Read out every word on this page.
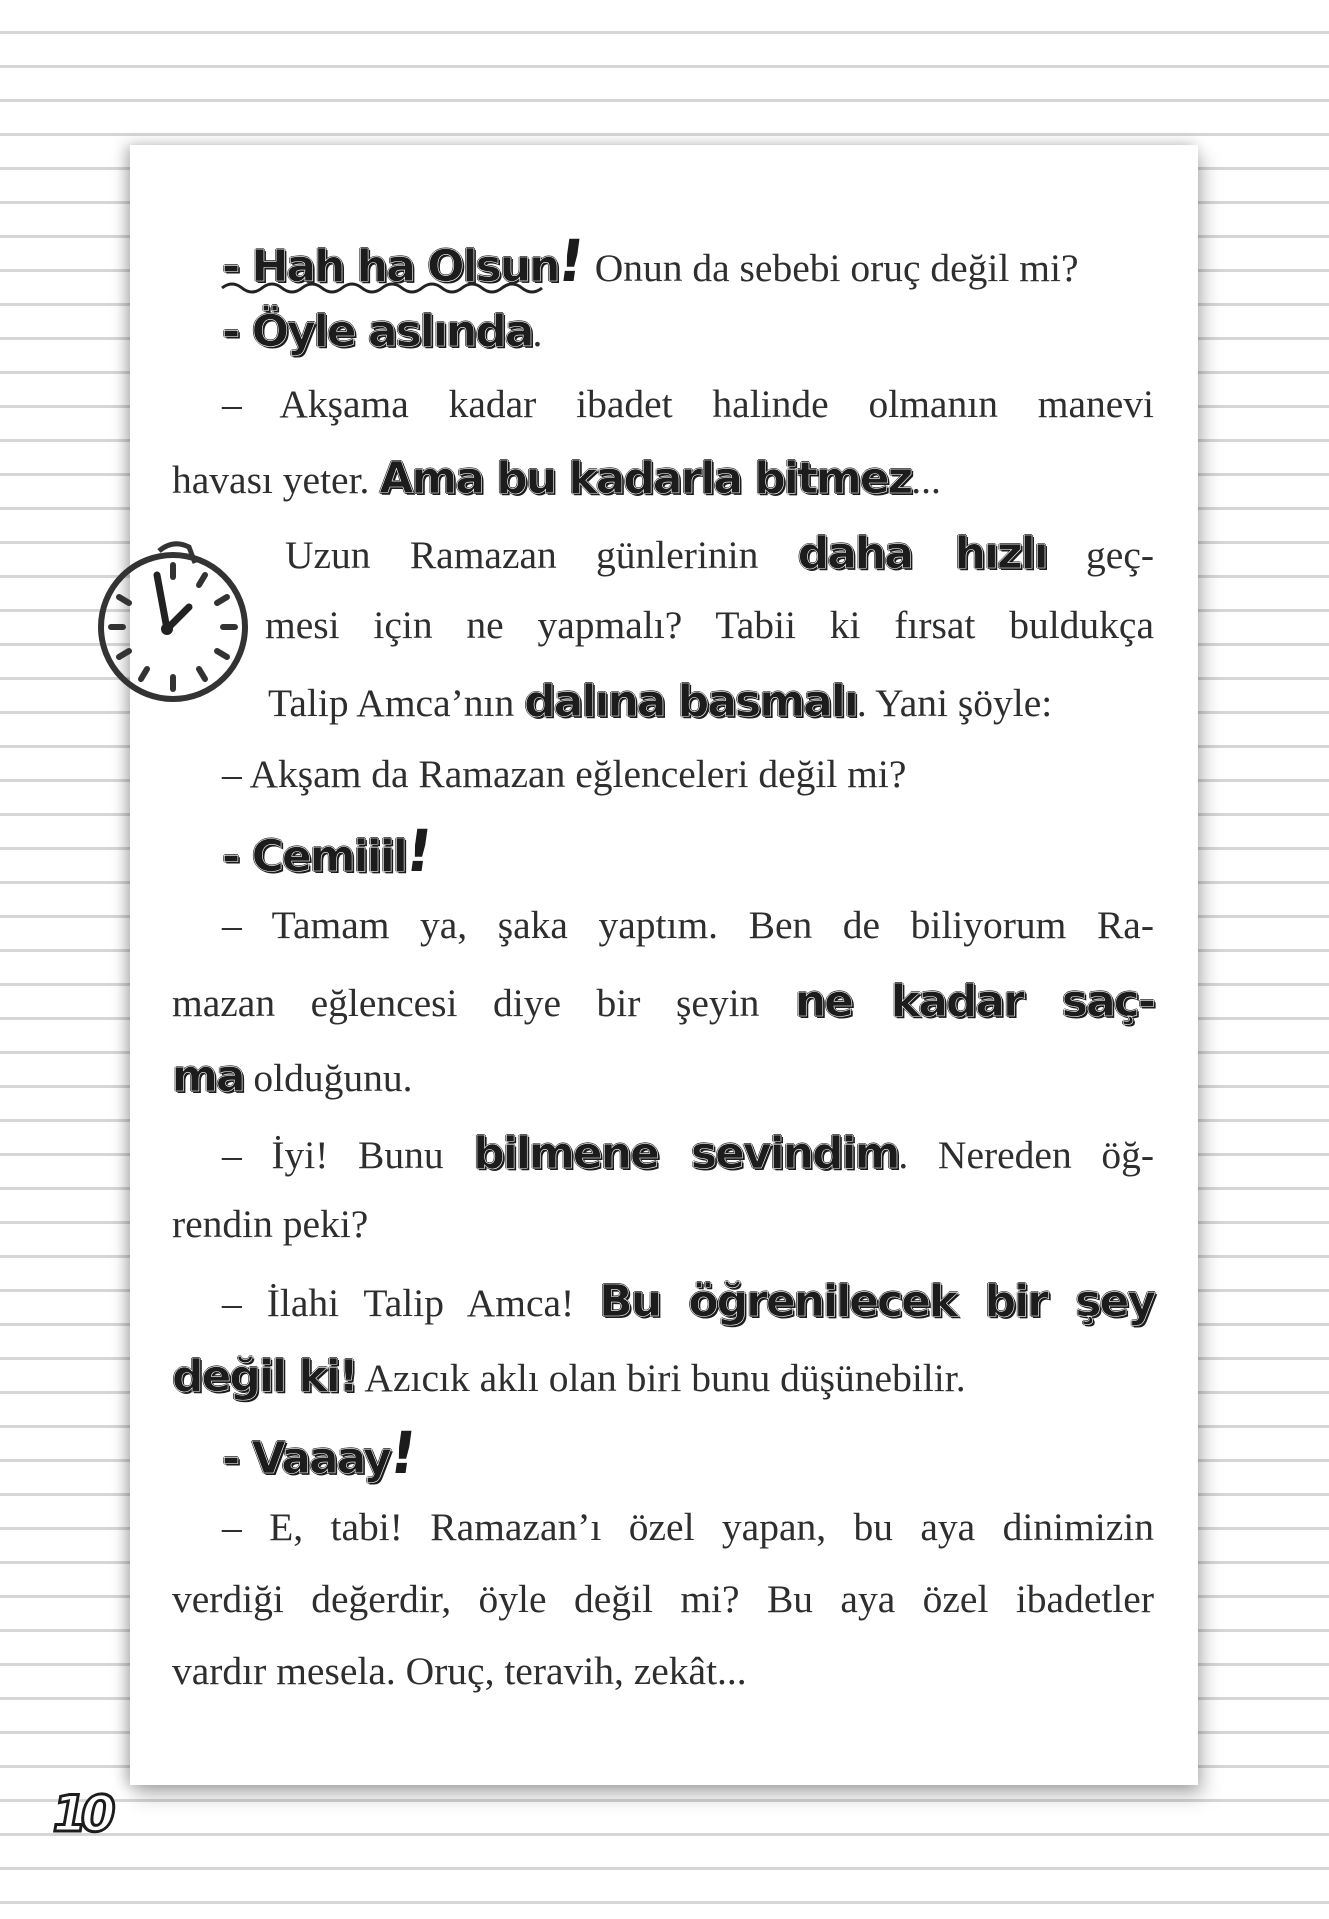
- Hah ha Olsun! Onun da sebebi oruç değil mi?
- Öyle aslında.
– Akşama kadar ibadet halinde olmanın manevi
havası yeter. Ama bu kadarla bitmez...
Uzun Ramazan günlerinin daha hızlı geç-
mesi için ne yapmalı? Tabii ki fırsat buldukça
Talip Amca’nın dalına basmalı. Yani şöyle:
– Akşam da Ramazan eğlenceleri değil mi?
- Cemiiil!
– Tamam ya, şaka yaptım. Ben de biliyorum Ra-
mazan eğlencesi diye bir şeyin ne kadar saç-
ma olduğunu.
– İyi! Bunu bilmene sevindim. Nereden öğ-
rendin peki?
– İlahi Talip Amca! Bu öğrenilecek bir şey
değil ki! Azıcık aklı olan biri bunu düşünebilir.
- Vaaay!
– E, tabi! Ramazan’ı özel yapan, bu aya dinimizin
verdiği değerdir, öyle değil mi? Bu aya özel ibadetler
vardır mesela. Oruç, teravih, zekât...
10
